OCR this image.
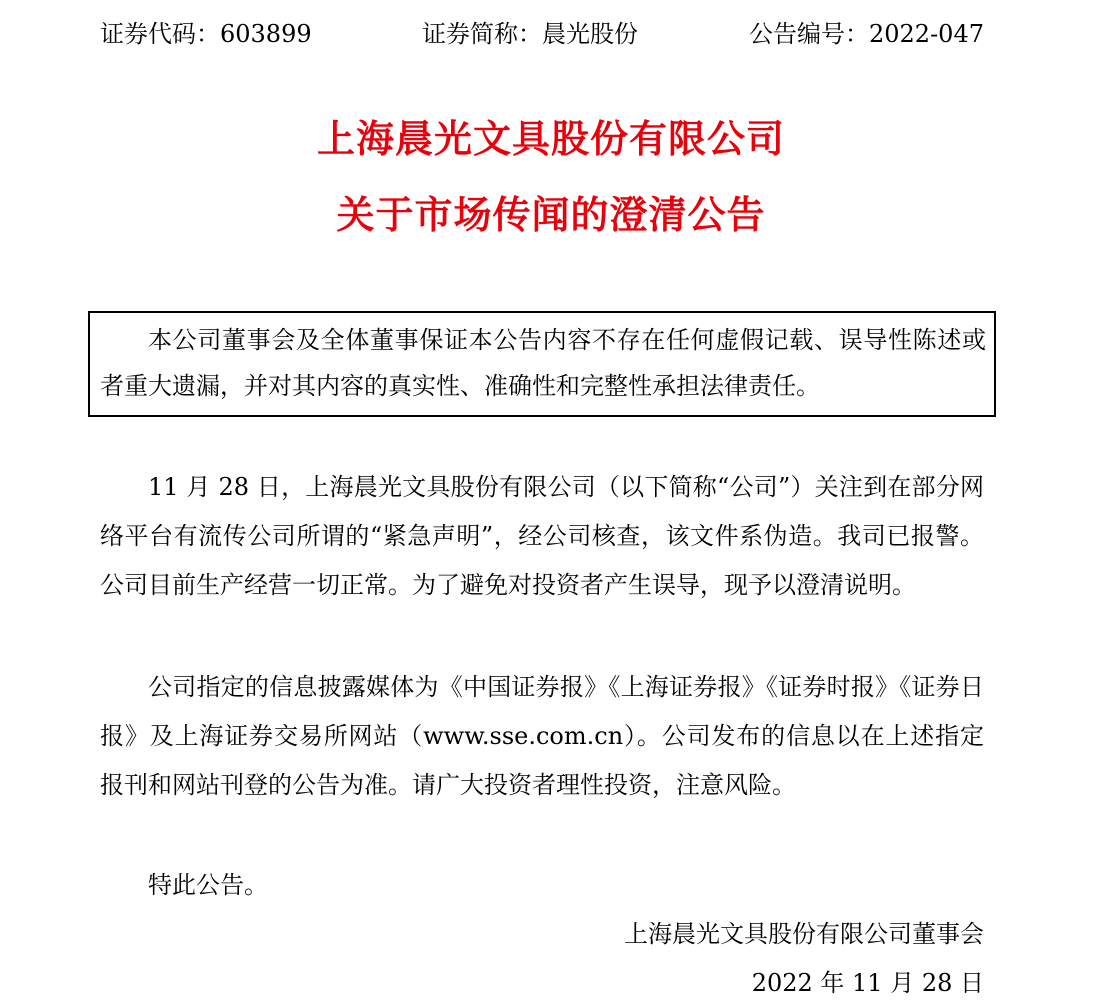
证券代码：603899	证券简称：晨光股份	公告编号：2022-047
上海晨光文具股份有限公司
关于市场传闻的澄清公告
本公司董事会及全体董事保证本公告内容不存在任何虚假记载、误导性陈述或者重大遗漏，并对其内容的真实性、准确性和完整性承担法律责任。

11 月 28 日，上海晨光文具股份有限公司（以下简称“公司”）关注到在部分网络平台有流传公司所谓的“紧急声明”，经公司核查，该文件系伪造。我司已报警。公司目前生产经营一切正常。为了避免对投资者产生误导，现予以澄清说明。

公司指定的信息披露媒体为《中国证券报》《上海证券报》《证券时报》《证券日报》及上海证券交易所网站（www.sse.com.cn）。公司发布的信息以在上述指定报刊和网站刊登的公告为准。请广大投资者理性投资，注意风险。

特此公告。

上海晨光文具股份有限公司董事会
2022 年 11 月 28 日
